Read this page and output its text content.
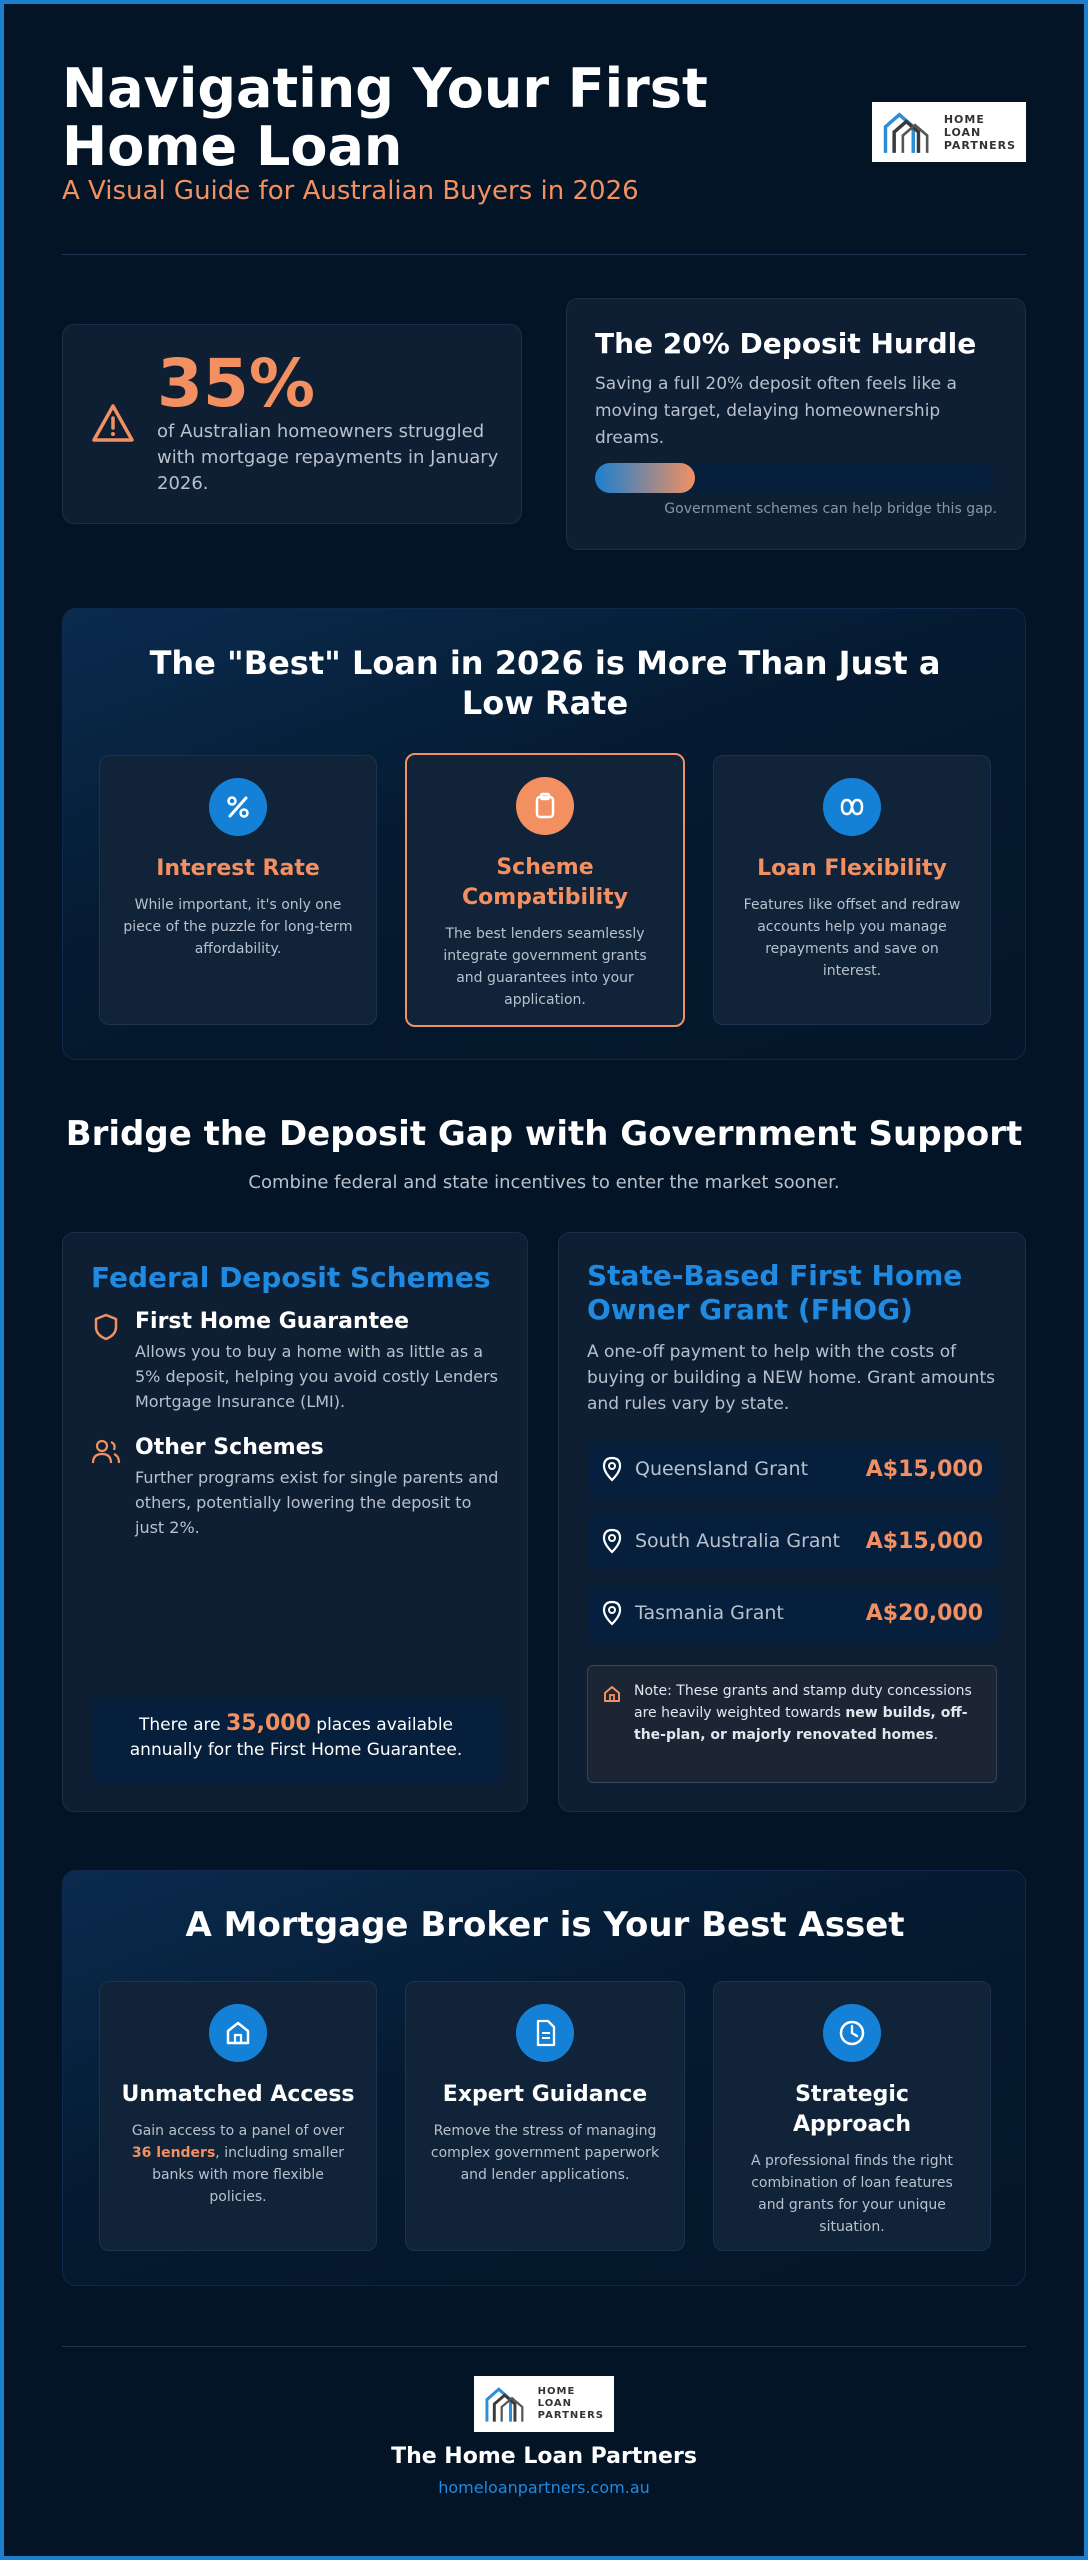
Navigating Your First Home Loan
A Visual Guide for Australian Buyers in 2026
HOME
LOAN
PARTNERS
35%
of Australian homeowners struggled with mortgage repayments in January 2026.
The 20% Deposit Hurdle
Saving a full 20% deposit often feels like a moving target, delaying homeownership dreams.
Government schemes can help bridge this gap.
The "Best" Loan in 2026 is More Than Just a Low Rate
Interest Rate
While important, it's only one piece of the puzzle for long-term affordability.
Scheme Compatibility
The best lenders seamlessly integrate government grants and guarantees into your application.
Loan Flexibility
Features like offset and redraw accounts help you manage repayments and save on interest.
Bridge the Deposit Gap with Government Support
Combine federal and state incentives to enter the market sooner.
Federal Deposit Schemes
First Home Guarantee
Allows you to buy a home with as little as a 5% deposit, helping you avoid costly Lenders Mortgage Insurance (LMI).
Other Schemes
Further programs exist for single parents and others, potentially lowering the deposit to just 2%.
There are 35,000 places available annually for the First Home Guarantee.
State-Based First Home Owner Grant (FHOG)
A one-off payment to help with the costs of buying or building a NEW home. Grant amounts and rules vary by state.
Queensland Grant	A$15,000
South Australia Grant	A$15,000
Tasmania Grant	A$20,000
Note: These grants and stamp duty concessions are heavily weighted towards new builds, off-the-plan, or majorly renovated homes.
A Mortgage Broker is Your Best Asset
Unmatched Access
Gain access to a panel of over 36 lenders, including smaller banks with more flexible policies.
Expert Guidance
Remove the stress of managing complex government paperwork and lender applications.
Strategic Approach
A professional finds the right combination of loan features and grants for your unique situation.
HOME
LOAN
PARTNERS
The Home Loan Partners
homeloanpartners.com.au
